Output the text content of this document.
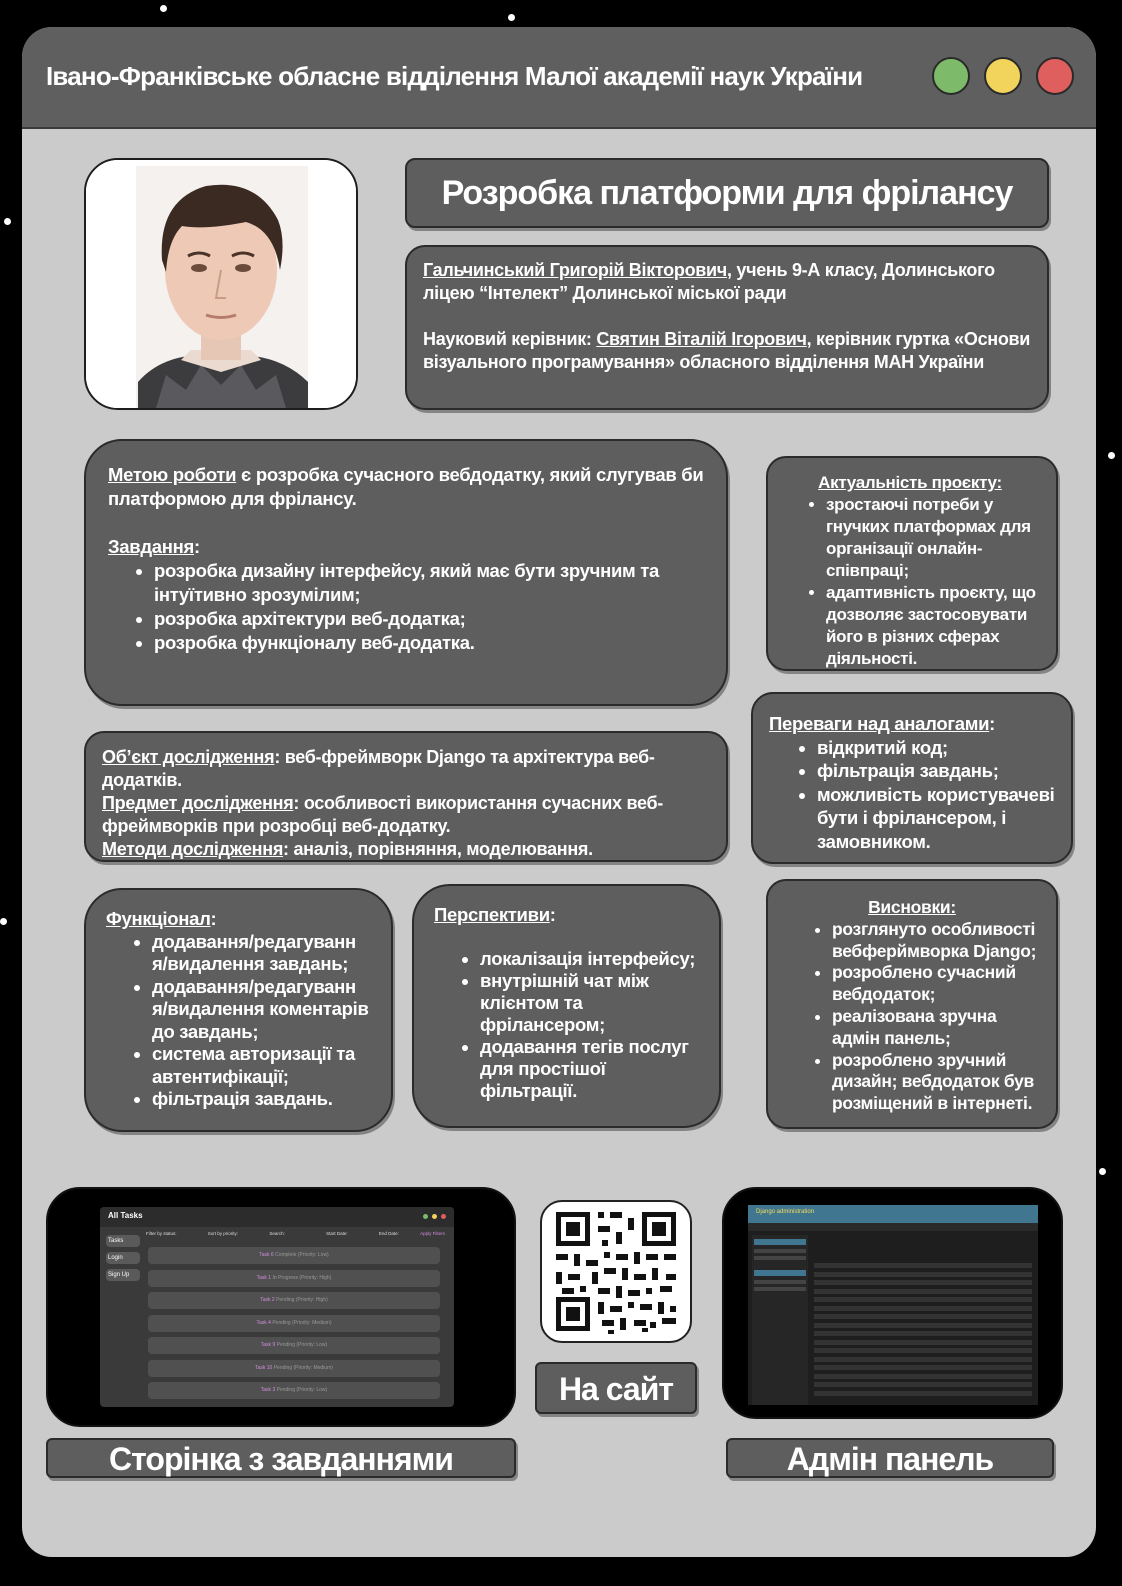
Івано-Франківське обласне відділення Малої академії наук України
Розробка платформи для фрілансу
Гальчинський Григорій Вікторович, учень 9-А класу, Долинського ліцею “Інтелект” Долинської міської ради
Науковий керівник: Святин Віталій Ігорович, керівник гуртка «Основи візуального програмування» обласного відділення МАН України
Метою роботи є розробка сучасного вебдодатку, який слугував би платформою для фрілансу.
Завдання:
• розробка дизайну інтерфейсу, який має бути зручним та інтуїтивно зрозумілим;
• розробка архітектури веб-додатка;
• розробка функціоналу веб-додатка.
Актуальність проєкту:
• зростаючі потреби у гнучких платформах для організації онлайн-співпраці;
• адаптивність проєкту, що дозволяє застосовувати його в різних сферах діяльності.
Об’єкт дослідження: веб-фреймворк Django та архітектура веб-додатків.
Предмет дослідження: особливості використання сучасних веб-фреймворків при розробці веб-додатку.
Методи дослідження: аналіз, порівняння, моделювання.
Переваги над аналогами:
• відкритий код;
• фільтрація завдань;
• можливість користувачеві бути і фрілансером, і замовником.
Функціонал:
• додавання/редагування/видалення завдань;
• додавання/редагування/видалення коментарів до завдань;
• система авторизації та автентифікації;
• фільтрація завдань.
Перспективи:
• локалізація інтерфейсу;
• внутрішній чат між клієнтом та фрілансером;
• додавання тегів послуг для простішої фільтрації.
Висновки:
• розглянуто особливості вебферймворка Django;
• розроблено сучасний вебдодаток;
• реалізована зручна адмін панель;
• розроблено зручний дизайн; вебдодаток був розміщений в інтернеті.
All Tasks
Tasks
Login
Sign Up
Filter by status:	Sort by priority:	Search:	Start Date:	End Date:	Apply Filters
Task 6 Complete (Priority: Low)
Task 1 In Progress (Priority: High)
Task 2 Pending (Priority: High)
Task 4 Pending (Priority: Medium)
Task 9 Pending (Priority: Low)
Task 10 Pending (Priority: Medium)
Task 3 Pending (Priority: Low)	На сайт
Django administration
Сторінка з завданнями	Адмін панель
